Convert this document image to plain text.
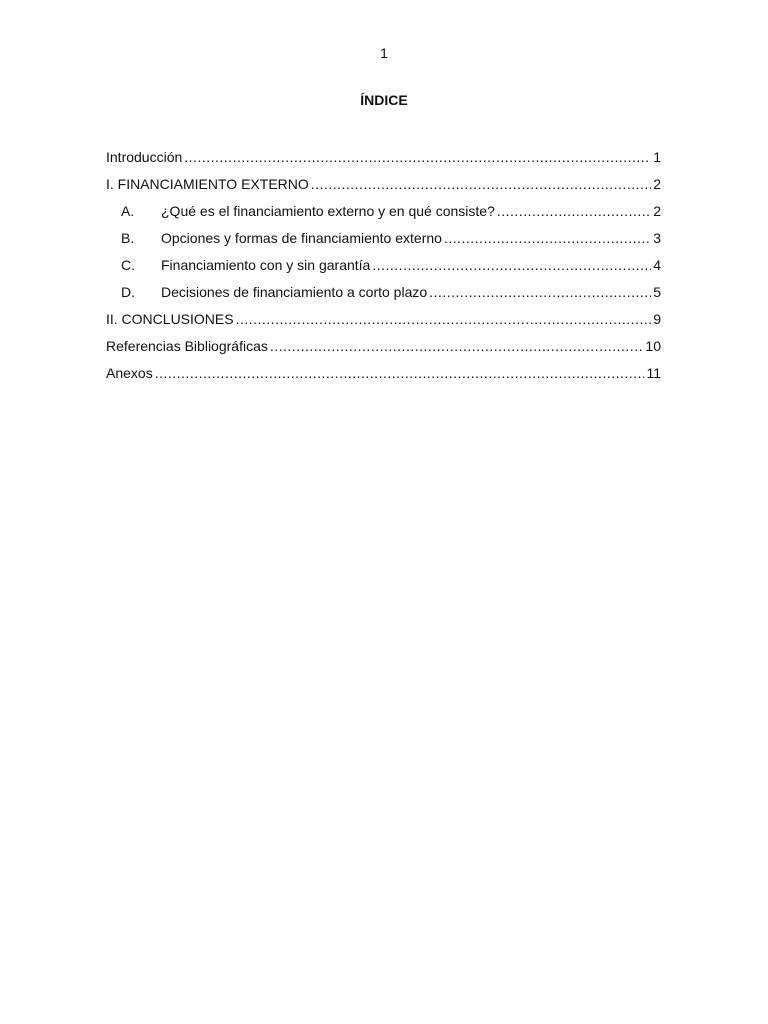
1
ÍNDICE
Introducción .....	1
I. FINANCIAMIENTO EXTERNO .....	2
A.	¿Qué es el financiamiento externo y en qué consiste? .....	2
B.	Opciones y formas de financiamiento externo .....	3
C.	Financiamiento con y sin garantía .....	4
D.	Decisiones de financiamiento a corto plazo .....	5
II. CONCLUSIONES .....	9
Referencias Bibliográficas .....	10
Anexos .....	11
